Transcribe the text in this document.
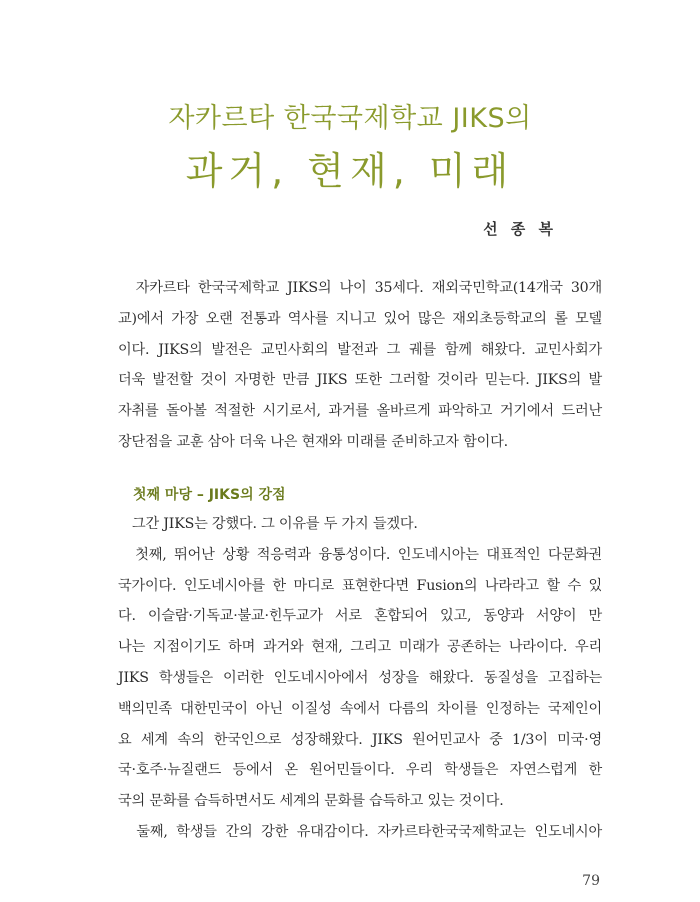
자카르타 한국국제학교 JIKS의
과거, 현재, 미래
선 종 복
　자카르타 한국국제학교 JIKS의 나이 35세다. 재외국민학교(14개국 30개
교)에서 가장 오랜 전통과 역사를 지니고 있어 많은 재외초등학교의 롤 모델
이다. JIKS의 발전은 교민사회의 발전과 그 궤를 함께 해왔다. 교민사회가
더욱 발전할 것이 자명한 만큼 JIKS 또한 그러할 것이라 믿는다. JIKS의 발
자취를 돌아볼 적절한 시기로서, 과거를 올바르게 파악하고 거기에서 드러난
장단점을 교훈 삼아 더욱 나은 현재와 미래를 준비하고자 함이다.
첫째 마당 – JIKS의 강점
　그간 JIKS는 강했다. 그 이유를 두 가지 들겠다.
　첫째, 뛰어난 상황 적응력과 융통성이다. 인도네시아는 대표적인 다문화권
국가이다. 인도네시아를 한 마디로 표현한다면 Fusion의 나라라고 할 수 있
다. 이슬람·기독교·불교·힌두교가 서로 혼합되어 있고, 동양과 서양이 만
나는 지점이기도 하며 과거와 현재, 그리고 미래가 공존하는 나라이다. 우리
JIKS 학생들은 이러한 인도네시아에서 성장을 해왔다. 동질성을 고집하는
백의민족 대한민국이 아닌 이질성 속에서 다름의 차이를 인정하는 국제인이
요 세계 속의 한국인으로 성장해왔다. JIKS 원어민교사 중 1/3이 미국·영
국·호주·뉴질랜드 등에서 온 원어민들이다. 우리 학생들은 자연스럽게 한
국의 문화를 습득하면서도 세계의 문화를 습득하고 있는 것이다.
　둘째, 학생들 간의 강한 유대감이다. 자카르타한국국제학교는 인도네시아
79
